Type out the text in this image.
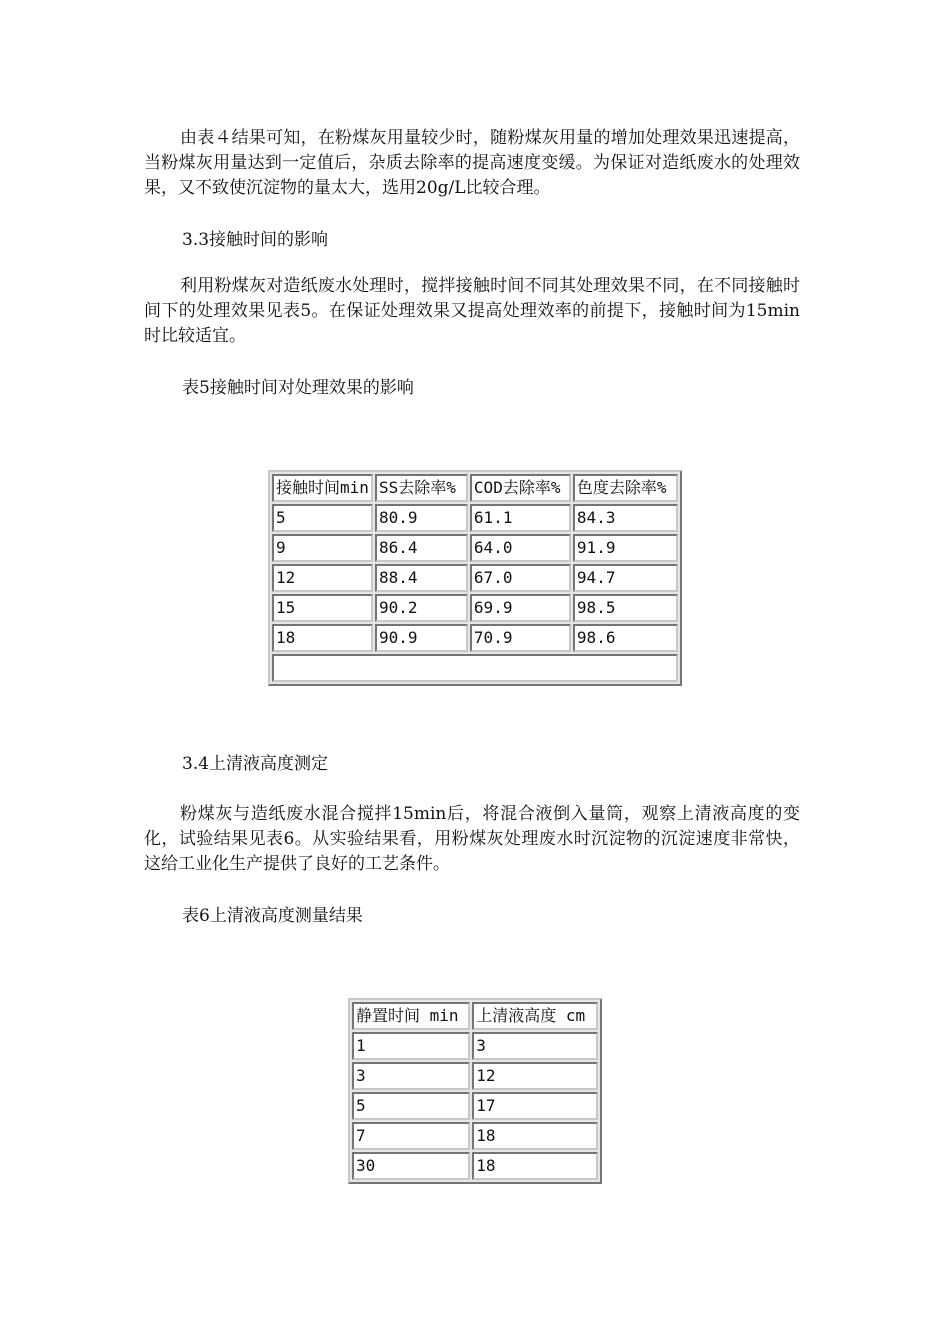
由表４结果可知，在粉煤灰用量较少时，随粉煤灰用量的增加处理效果迅速提高，当粉煤灰用量达到一定值后，杂质去除率的提高速度变缓。为保证对造纸废水的处理效果，又不致使沉淀物的量太大，选用20g/L比较合理。

3.3接触时间的影响

利用粉煤灰对造纸废水处理时，搅拌接触时间不同其处理效果不同，在不同接触时间下的处理效果见表5。在保证处理效果又提高处理效率的前提下，接触时间为15min时比较适宜。

表5接触时间对处理效果的影响

接触时间min	SS去除率%	COD去除率%	色度去除率%
5	80.9	61.1	84.3
9	86.4	64.0	91.9
12	88.4	67.0	94.7
15	90.2	69.9	98.5
18	90.9	70.9	98.6

3.4上清液高度测定

粉煤灰与造纸废水混合搅拌15min后，将混合液倒入量筒，观察上清液高度的变化，试验结果见表6。从实验结果看，用粉煤灰处理废水时沉淀物的沉淀速度非常快，这给工业化生产提供了良好的工艺条件。

表6上清液高度测量结果

静置时间 min	上清液高度 cm
1	3
3	12
5	17
7	18
30	18
